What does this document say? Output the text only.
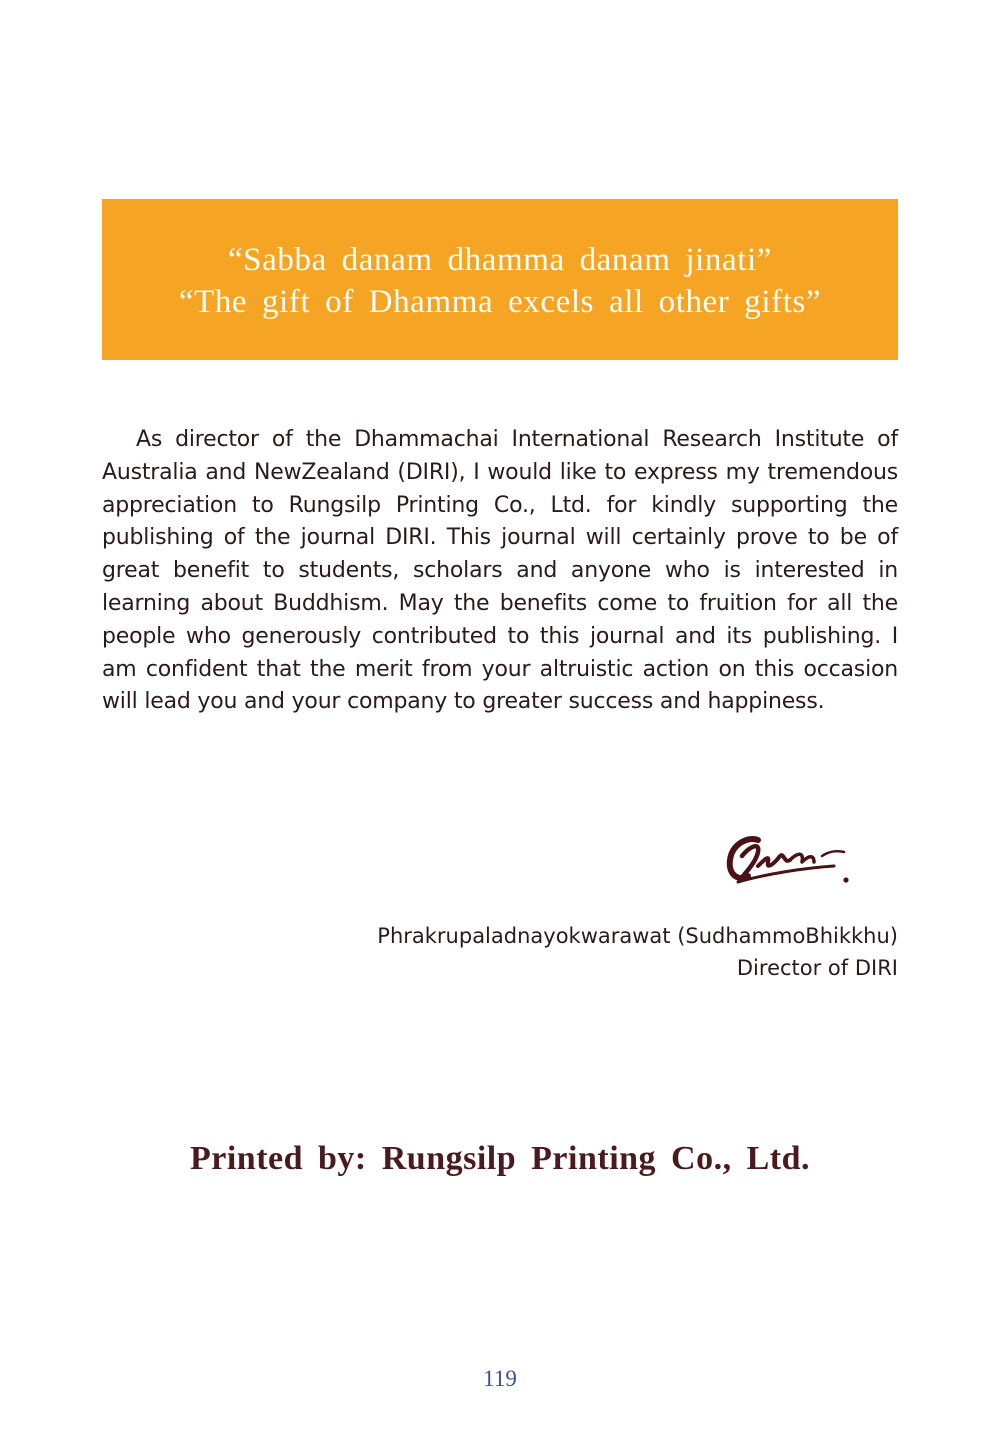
“Sabba danam dhamma danam jinati”
“The gift of Dhamma excels all other gifts”

As director of the Dhammachai International Research Institute of Australia and NewZealand (DIRI), I would like to express my tremendous appreciation to Rungsilp Printing Co., Ltd. for kindly supporting the publishing of the journal DIRI. This journal will certainly prove to be of great benefit to students, scholars and anyone who is interested in learning about Buddhism. May the benefits come to fruition for all the people who generously contributed to this journal and its publishing. I am confident that the merit from your altruistic action on this occasion will lead you and your company to greater success and happiness.

Phrakrupaladnayokwarawat (SudhammoBhikkhu)
Director of DIRI
Printed by: Rungsilp Printing Co., Ltd.
119
